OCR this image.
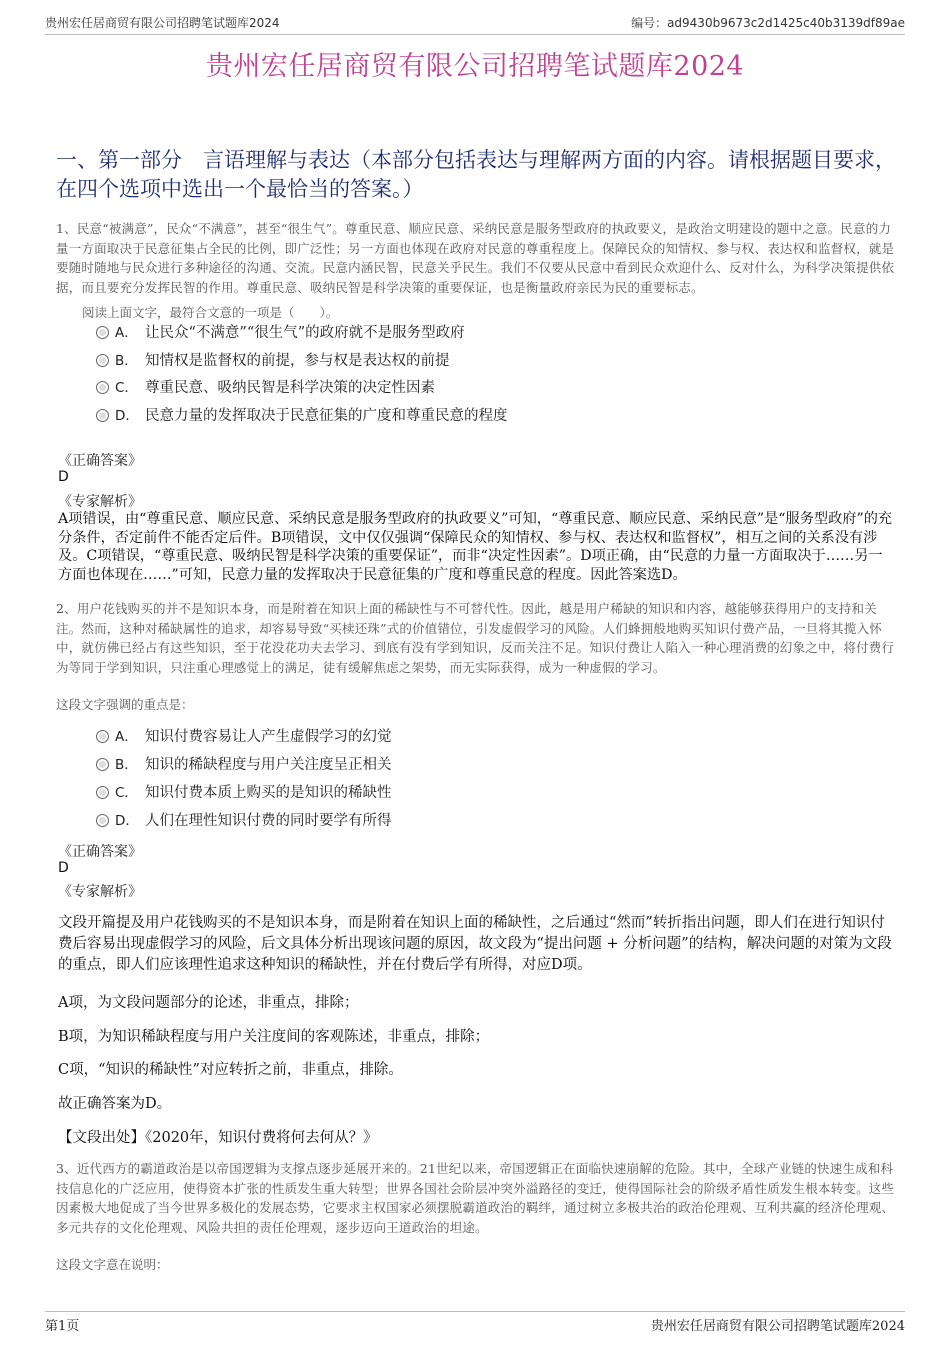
贵州宏任居商贸有限公司招聘笔试题库2024	编号：ad9430b9673c2d1425c40b3139df89ae
贵州宏任居商贸有限公司招聘笔试题库2024
一、第一部分　言语理解与表达（本部分包括表达与理解两方面的内容。请根据题目要求，在四个选项中选出一个最恰当的答案。）
1、民意“被满意”，民众“不满意”，甚至“很生气”。尊重民意、顺应民意、采纳民意是服务型政府的执政要义，是政治文明建设的题中之意。民意的力量一方面取决于民意征集占全民的比例，即广泛性；另一方面也体现在政府对民意的尊重程度上。保障民众的知情权、参与权、表达权和监督权，就是要随时随地与民众进行多种途径的沟通、交流。民意内涵民智，民意关乎民生。我们不仅要从民意中看到民众欢迎什么、反对什么，为科学决策提供依据，而且要充分发挥民智的作用。尊重民意、吸纳民智是科学决策的重要保证，也是衡量政府亲民为民的重要标志。
阅读上面文字，最符合文意的一项是（　　）。
A． 让民众“不满意”“很生气”的政府就不是服务型政府
B． 知情权是监督权的前提，参与权是表达权的前提
C． 尊重民意、吸纳民智是科学决策的决定性因素
D． 民意力量的发挥取决于民意征集的广度和尊重民意的程度
《正确答案》
D
《专家解析》
A项错误，由“尊重民意、顺应民意、采纳民意是服务型政府的执政要义”可知，“尊重民意、顺应民意、采纳民意”是“服务型政府”的充分条件，否定前件不能否定后件。B项错误，文中仅仅强调“保障民众的知情权、参与权、表达权和监督权”，相互之间的关系没有涉及。C项错误，“尊重民意、吸纳民智是科学决策的重要保证”，而非“决定性因素”。D项正确，由“民意的力量一方面取决于……另一方面也体现在……”可知，民意力量的发挥取决于民意征集的广度和尊重民意的程度。因此答案选D。
2、用户花钱购买的并不是知识本身，而是附着在知识上面的稀缺性与不可替代性。因此，越是用户稀缺的知识和内容，越能够获得用户的支持和关注。然而，这种对稀缺属性的追求，却容易导致“买椟还珠”式的价值错位，引发虚假学习的风险。人们蜂拥般地购买知识付费产品，一旦将其揽入怀中，就仿佛已经占有这些知识，至于花没花功夫去学习、到底有没有学到知识，反而关注不足。知识付费让人陷入一种心理消费的幻象之中，将付费行为等同于学到知识，只注重心理感觉上的满足，徒有缓解焦虑之架势，而无实际获得，成为一种虚假的学习。
这段文字强调的重点是：
A． 知识付费容易让人产生虚假学习的幻觉
B． 知识的稀缺程度与用户关注度呈正相关
C． 知识付费本质上购买的是知识的稀缺性
D． 人们在理性知识付费的同时要学有所得
《正确答案》
D
《专家解析》
文段开篇提及用户花钱购买的不是知识本身，而是附着在知识上面的稀缺性，之后通过“然而”转折指出问题，即人们在进行知识付费后容易出现虚假学习的风险，后文具体分析出现该问题的原因，故文段为“提出问题 + 分析问题”的结构，解决问题的对策为文段的重点，即人们应该理性追求这种知识的稀缺性，并在付费后学有所得，对应D项。
A项，为文段问题部分的论述，非重点，排除；
B项，为知识稀缺程度与用户关注度间的客观陈述，非重点，排除；
C项，“知识的稀缺性”对应转折之前，非重点，排除。
故正确答案为D。
【文段出处】《2020年，知识付费将何去何从？》
3、近代西方的霸道政治是以帝国逻辑为支撑点逐步延展开来的。21世纪以来，帝国逻辑正在面临快速崩解的危险。其中，全球产业链的快速生成和科技信息化的广泛应用，使得资本扩张的性质发生重大转型；世界各国社会阶层冲突外溢路径的变迁，使得国际社会的阶级矛盾性质发生根本转变。这些因素极大地促成了当今世界多极化的发展态势，它要求主权国家必须摆脱霸道政治的羁绊，通过树立多极共治的政治伦理观、互利共赢的经济伦理观、多元共存的文化伦理观、风险共担的责任伦理观，逐步迈向王道政治的坦途。
这段文字意在说明：
第1页	贵州宏任居商贸有限公司招聘笔试题库2024
